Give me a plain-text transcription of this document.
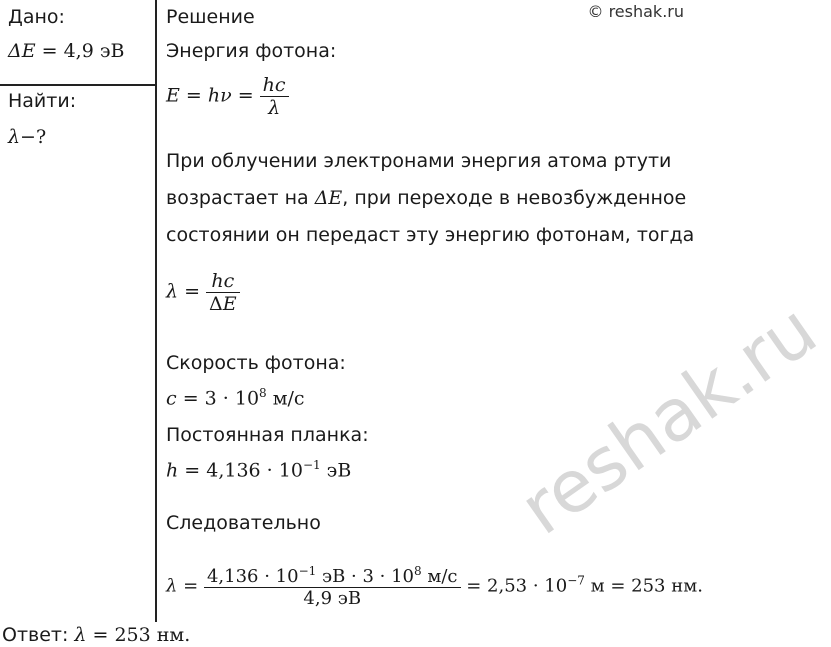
© reshak.ru
reshak.ru
Дано:
ΔE = 4,9 эВ
Найти:
λ−?
Решение
Энергия фотона:
$E = h\nu = \frac{hc}{\lambda}$
При облучении электронами энергия атома ртути
возрастает на ΔE, при переходе в невозбужденное
состоянии он передаст эту энергию фотонам, тогда
$\lambda = \frac{hc}{\Delta E}$
Скорость фотона:
$c = 3 \cdot 10^8$ м/с
Постоянная планка:
$h = 4,136 \cdot 10^{-1}$ эВ
Следовательно
$\lambda = \frac{4,136 \cdot 10^{-1} эВ \cdot 3 \cdot 10^8 м/с}{4,9 эВ} = 2,53 \cdot 10^{-7}$ м = 253 нм.
Ответ: λ = 253 нм.
